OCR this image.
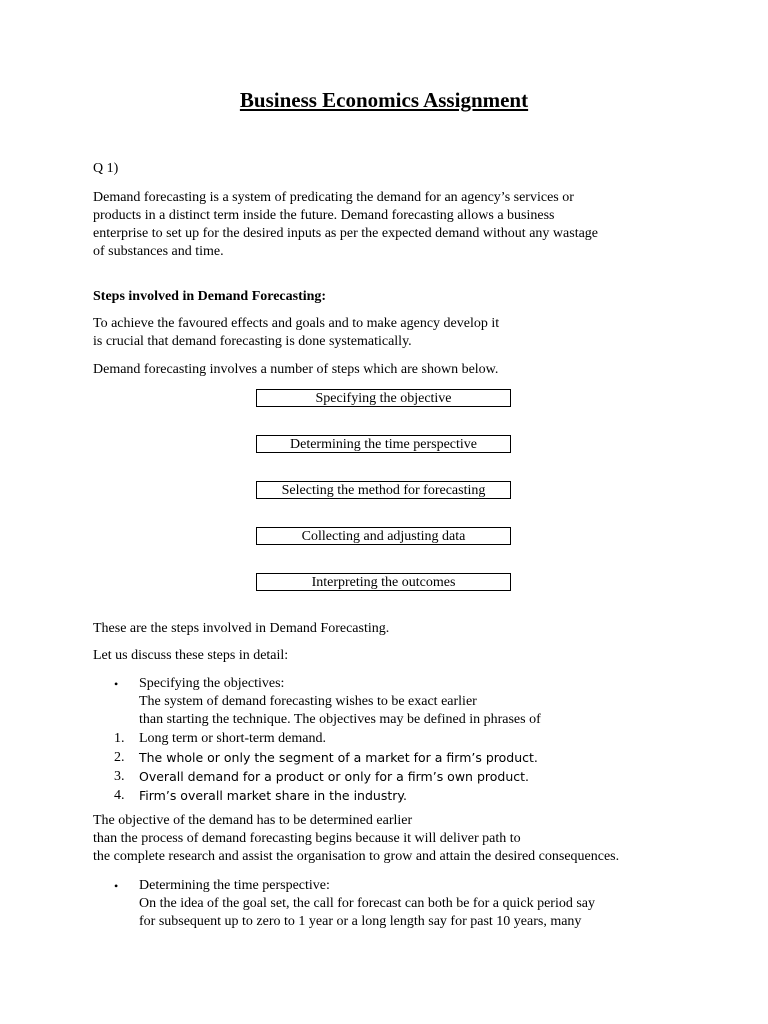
Business Economics Assignment
Q 1)
Demand forecasting is a system of predicating the demand for an agency’s services or
products in a distinct term inside the future. Demand forecasting allows a business
enterprise to set up for the desired inputs as per the expected demand without any wastage
of substances and time.
Steps involved in Demand Forecasting:
To achieve the favoured effects and goals and to make agency develop it
is crucial that demand forecasting is done systematically.
Demand forecasting involves a number of steps which are shown below.
Specifying the objective
Determining the time perspective
Selecting the method for forecasting
Collecting and adjusting data
Interpreting the outcomes
These are the steps involved in Demand Forecasting.
Let us discuss these steps in detail:
• Specifying the objectives:
The system of demand forecasting wishes to be exact earlier
than starting the technique. The objectives may be defined in phrases of
1.	Long term or short-term demand.
2.	The whole or only the segment of a market for a firm’s product.
3.	Overall demand for a product or only for a firm’s own product.
4.	Firm’s overall market share in the industry.
The objective of the demand has to be determined earlier
than the process of demand forecasting begins because it will deliver path to
the complete research and assist the organisation to grow and attain the desired consequences.
• Determining the time perspective:
On the idea of the goal set, the call for forecast can both be for a quick period say
for subsequent up to zero to 1 year or a long length say for past 10 years, many
